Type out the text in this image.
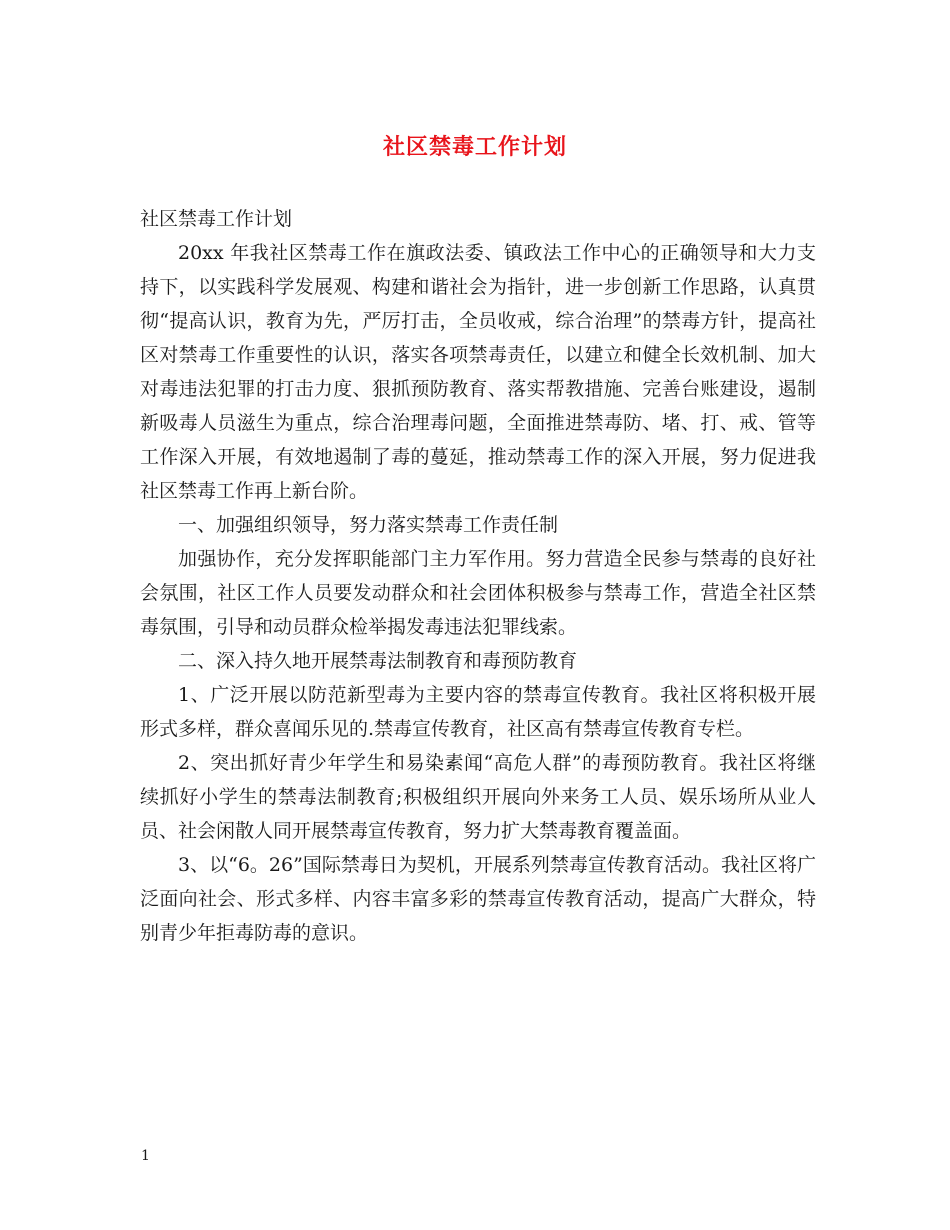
社区禁毒工作计划

社区禁毒工作计划

20xx 年我社区禁毒工作在旗政法委、镇政法工作中心的正确领导和大力支持下，以实践科学发展观、构建和谐社会为指针，进一步创新工作思路，认真贯彻“提高认识，教育为先，严厉打击，全员收戒，综合治理”的禁毒方针，提高社区对禁毒工作重要性的认识，落实各项禁毒责任，以建立和健全长效机制、加大对毒违法犯罪的打击力度、狠抓预防教育、落实帮教措施、完善台账建设，遏制新吸毒人员滋生为重点，综合治理毒问题，全面推进禁毒防、堵、打、戒、管等工作深入开展，有效地遏制了毒的蔓延，推动禁毒工作的深入开展，努力促进我社区禁毒工作再上新台阶。

一、加强组织领导，努力落实禁毒工作责任制

加强协作，充分发挥职能部门主力军作用。努力营造全民参与禁毒的良好社会氛围，社区工作人员要发动群众和社会团体积极参与禁毒工作，营造全社区禁毒氛围，引导和动员群众检举揭发毒违法犯罪线索。

二、深入持久地开展禁毒法制教育和毒预防教育

1、广泛开展以防范新型毒为主要内容的禁毒宣传教育。我社区将积极开展形式多样，群众喜闻乐见的.禁毒宣传教育，社区高有禁毒宣传教育专栏。

2、突出抓好青少年学生和易染素闻“高危人群”的毒预防教育。我社区将继续抓好小学生的禁毒法制教育;积极组织开展向外来务工人员、娱乐场所从业人员、社会闲散人同开展禁毒宣传教育，努力扩大禁毒教育覆盖面。

3、以“6。26”国际禁毒日为契机，开展系列禁毒宣传教育活动。我社区将广泛面向社会、形式多样、内容丰富多彩的禁毒宣传教育活动，提高广大群众，特别青少年拒毒防毒的意识。

1
